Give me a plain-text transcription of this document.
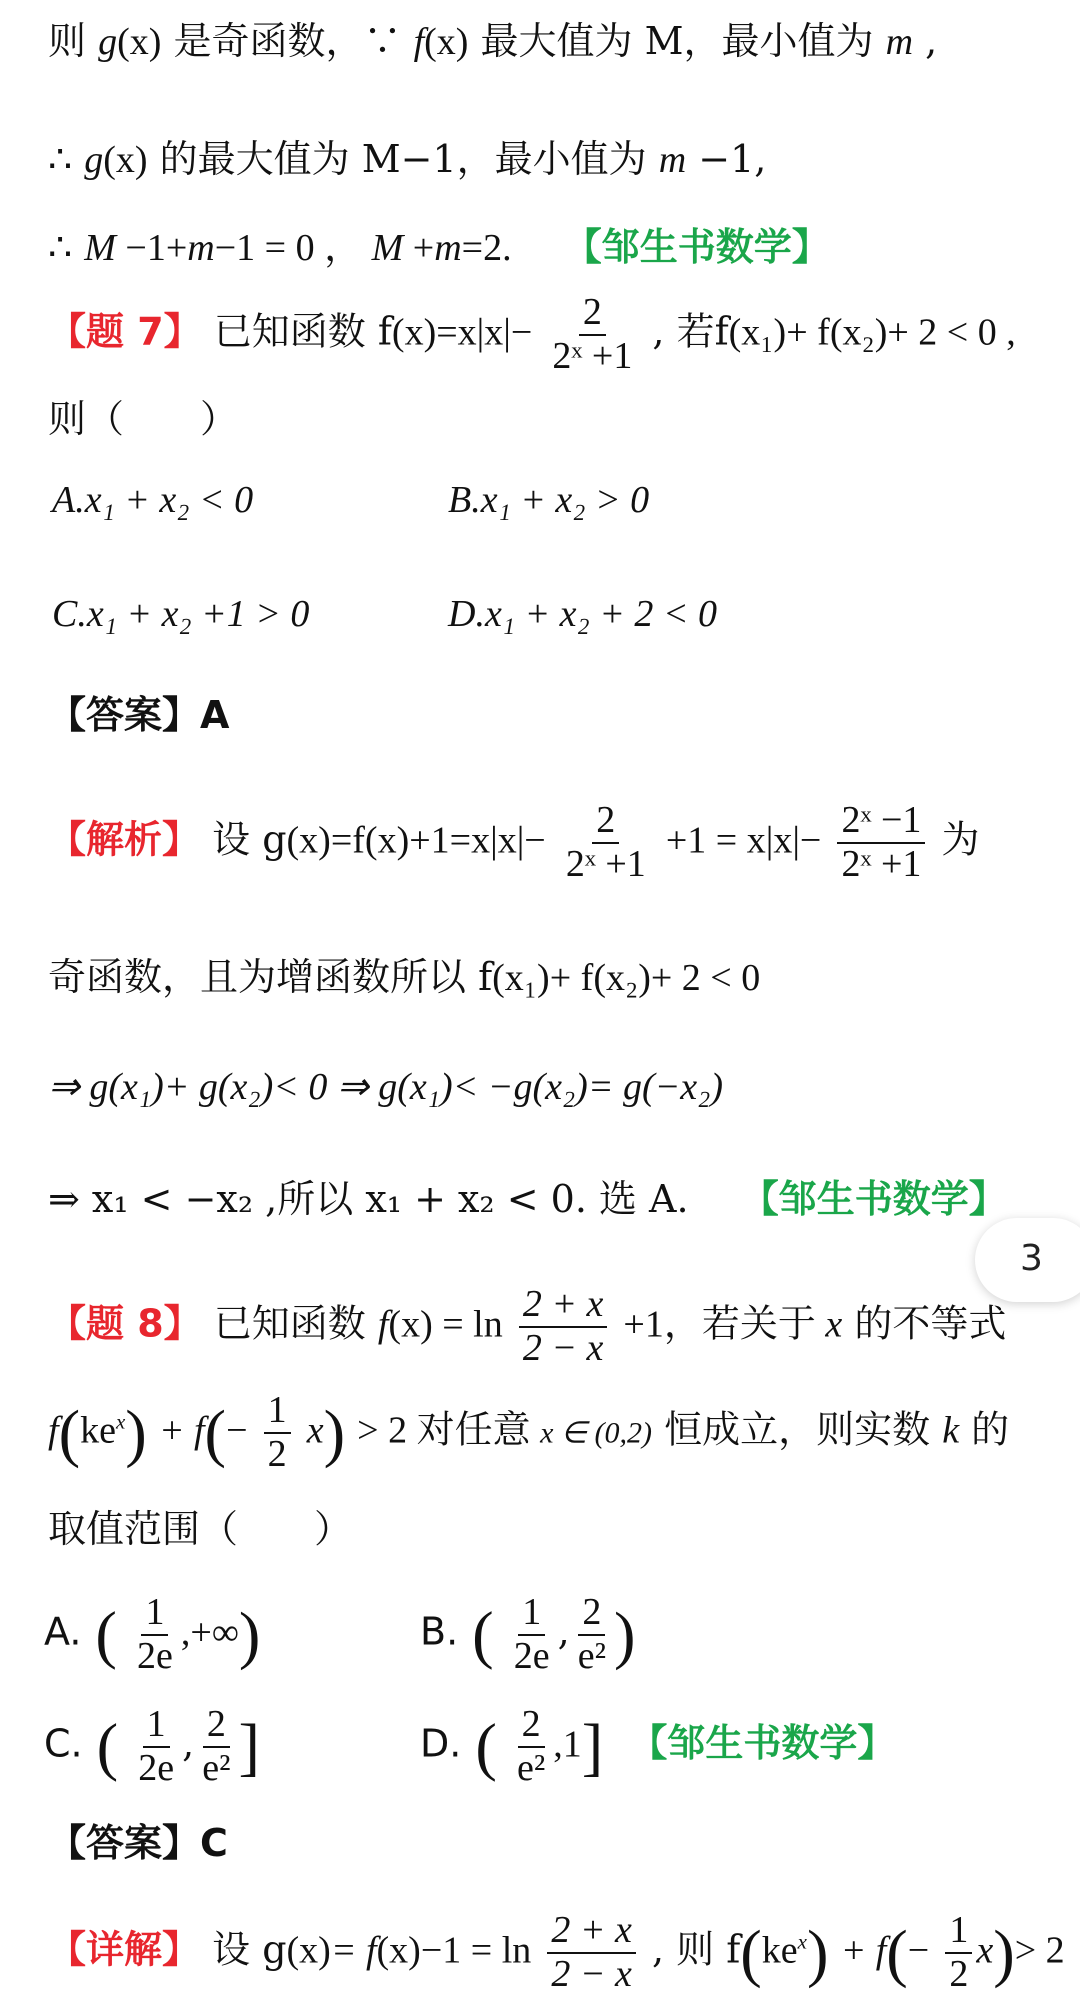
则 g(x) 是奇函数，∵ f(x) 最大值为 M，最小值为 m ,
∴ g(x) 的最大值为 M−1，最小值为 m −1,
∴ M −1+m−1 = 0 ， M +m=2. 【邹生书数学】
【题 7】 已知函数 $f(x)=x|x|- \frac{2}{\text{2ˣ +1}}$ , 若f(x₁)+ f(x₂)+ 2 < 0 ,
则（　　）
A.x₁ + x₂ < 0	B.x₁ + x₂ > 0
C.x₁ + x₂ +1 > 0	D.x₁ + x₂ + 2 < 0
【答案】A
【解析】 设 $g(x)=f(x)+1=x|x|- \frac{2}{\text{2ˣ +1}} +1 = x|x|- \frac{\text{2ˣ −1}}{\text{2ˣ +1}}$ 为
奇函数，且为增函数所以 f(x₁)+ f(x₂)+ 2 < 0
⇒ g(x₁)+ g(x₂)< 0 ⇒ g(x₁)< −g(x₂)= g(−x₂)
⇒ x₁ < −x₂ ,所以 x₁ + x₂ < 0. 选 A. 【邹生书数学】
【题 8】 已知函数 $f(x) = \ln \frac{2 + x}{2 - x} +1$，若关于 x 的不等式
$f(ke^x) + f(- \frac{1}{2} x) > 2$ 对任意 x ∈ (0,2) 恒成立，则实数 k 的
取值范围（　　）
A. ( $\frac{1}{2e}$ ,+∞)	B. ( $\frac{1}{2e}$ , $\frac{2}{\text{e²}}$ )
C. ( $\frac{1}{2e}$ , $\frac{2}{\text{e²}}$ ]	D. ( $\frac{2}{\text{e²}} ,1$] 【邹生书数学】
【答案】C
【详解】 设 $g(x)= f(x)-1 = \ln \frac{2 + x}{2 - x}$ , 则 $f(ke^x) + f(- \frac{1}{2} x)> 2$
3
